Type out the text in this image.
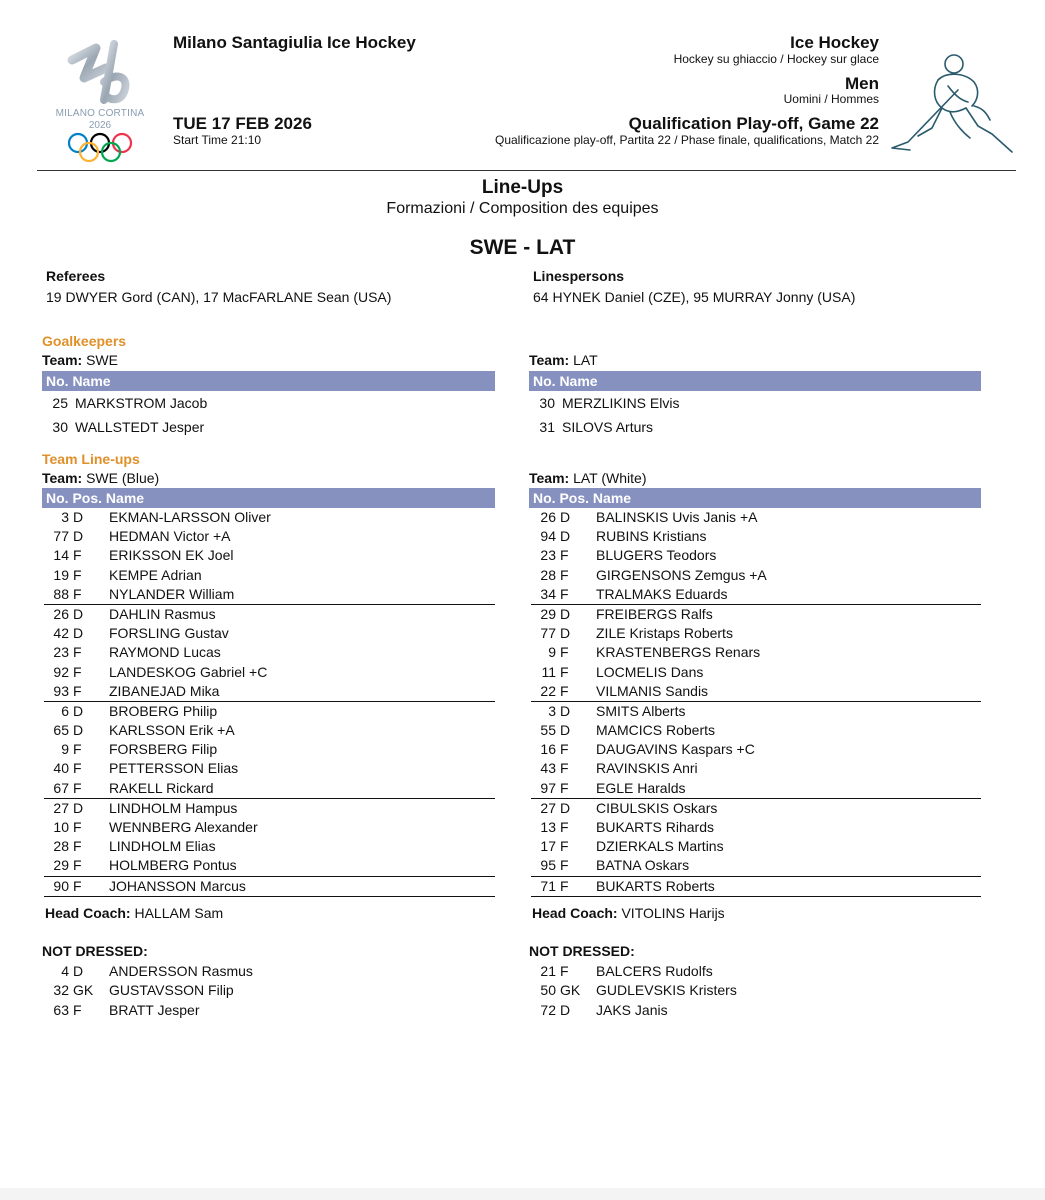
MILANO CORTINA
2026
Milano Santagiulia Ice Hockey
TUE 17 FEB 2026
Start Time 21:10
Ice Hockey
Hockey su ghiaccio / Hockey sur glace
Men
Uomini / Hommes
Qualification Play-off, Game 22
Qualificazione play-off, Partita 22 / Phase finale, qualifications, Match 22
Line-Ups
Formazioni / Composition des equipes
SWE - LAT
Referees
19 DWYER Gord (CAN), 17 MacFARLANE Sean (USA)
Linespersons
64 HYNEK Daniel (CZE), 95 MURRAY Jonny (USA)
Goalkeepers
Team: SWE
No. Name
25 MARKSTROM Jacob
30 WALLSTEDT Jesper
Team: LAT
No. Name
30 MERZLIKINS Elvis
31 SILOVS Arturs
Team Line-ups
Team: SWE (Blue)
No. Pos. Name
3 D EKMAN-LARSSON Oliver
77 D HEDMAN Victor +A
14 F ERIKSSON EK Joel
19 F KEMPE Adrian
88 F NYLANDER William
26 D DAHLIN Rasmus
42 D FORSLING Gustav
23 F RAYMOND Lucas
92 F LANDESKOG Gabriel +C
93 F ZIBANEJAD Mika
6 D BROBERG Philip
65 D KARLSSON Erik +A
9 F FORSBERG Filip
40 F PETTERSSON Elias
67 F RAKELL Rickard
27 D LINDHOLM Hampus
10 F WENNBERG Alexander
28 F LINDHOLM Elias
29 F HOLMBERG Pontus
90 F JOHANSSON Marcus
Head Coach: HALLAM Sam
NOT DRESSED:
4 D ANDERSSON Rasmus
32 GK GUSTAVSSON Filip
63 F BRATT Jesper
Team: LAT (White)
No. Pos. Name
26 D BALINSKIS Uvis Janis +A
94 D RUBINS Kristians
23 F BLUGERS Teodors
28 F GIRGENSONS Zemgus +A
34 F TRALMAKS Eduards
29 D FREIBERGS Ralfs
77 D ZILE Kristaps Roberts
9 F KRASTENBERGS Renars
11 F LOCMELIS Dans
22 F VILMANIS Sandis
3 D SMITS Alberts
55 D MAMCICS Roberts
16 F DAUGAVINS Kaspars +C
43 F RAVINSKIS Anri
97 F EGLE Haralds
27 D CIBULSKIS Oskars
13 F BUKARTS Rihards
17 F DZIERKALS Martins
95 F BATNA Oskars
71 F BUKARTS Roberts
Head Coach: VITOLINS Harijs
NOT DRESSED:
21 F BALCERS Rudolfs
50 GK GUDLEVSKIS Kristers
72 D JAKS Janis
